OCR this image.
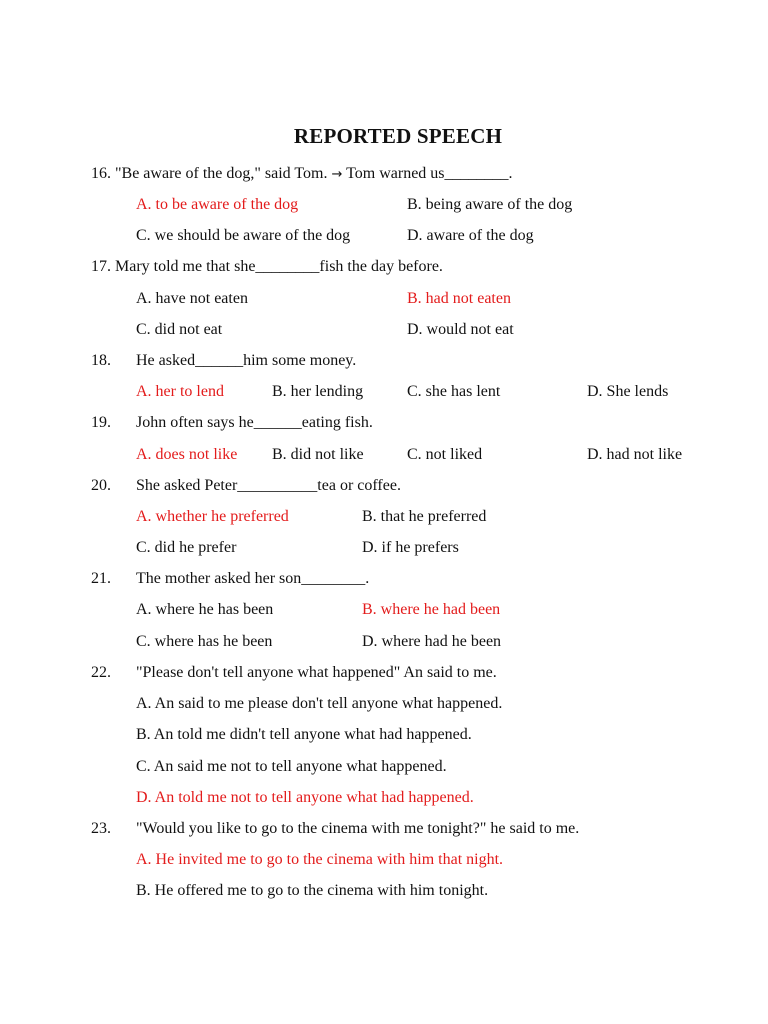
REPORTED SPEECH
16. "Be aware of the dog," said Tom. → Tom warned us________.
A. to be aware of the dog	B. being aware of the dog
C. we should be aware of the dog	D. aware of the dog
17. Mary told me that she________fish the day before.
A. have not eaten	B. had not eaten
C. did not eat	D. would not eat
18. He asked______him some money.
A. her to lend	B. her lending	C. she has lent	D. She lends
19. John often says he______eating fish.
A. does not like B. did not like	C. not liked	D. had not like
20. She asked Peter__________tea or coffee.
A. whether he preferred	B. that he preferred
C. did he prefer	D. if he prefers
21. The mother asked her son________.
A. where he has been	B. where he had been
C. where has he been	D. where had he been
22. "Please don't tell anyone what happened" An said to me.
A. An said to me please don't tell anyone what happened.
B. An told me didn't tell anyone what had happened.
C. An said me not to tell anyone what happened.
D. An told me not to tell anyone what had happened.
23. "Would you like to go to the cinema with me tonight?" he said to me.
A. He invited me to go to the cinema with him that night.
B. He offered me to go to the cinema with him tonight.
